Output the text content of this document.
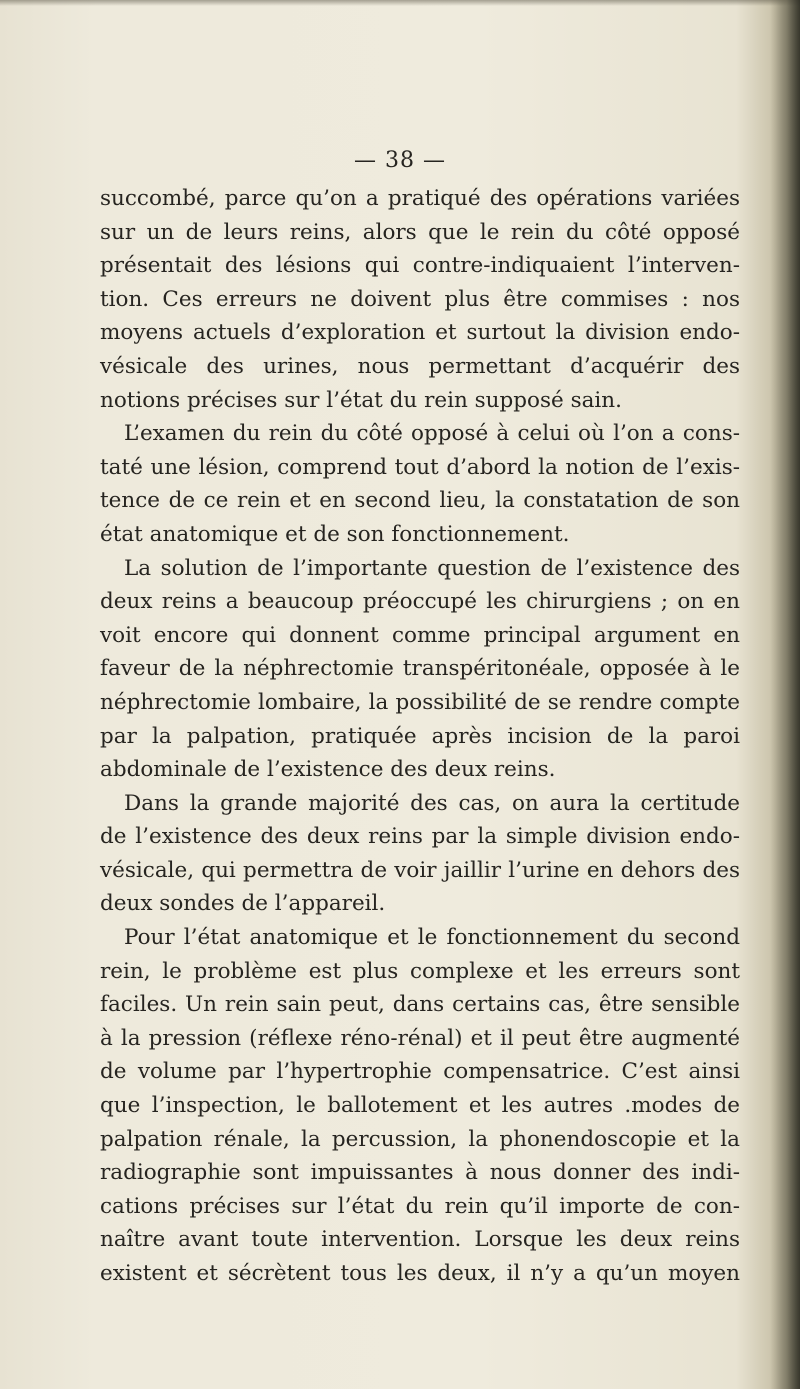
— 38 —
succombé, parce qu’on a pratiqué des opérations variées
sur un de leurs reins, alors que le rein du côté opposé
présentait des lésions qui contre-indiquaient l’interven-
tion. Ces erreurs ne doivent plus être commises : nos
moyens actuels d’exploration et surtout la division endo-
vésicale des urines, nous permettant d’acquérir des
notions précises sur l’état du rein supposé sain.
L’examen du rein du côté opposé à celui où l’on a cons-
taté une lésion, comprend tout d’abord la notion de l’exis-
tence de ce rein et en second lieu, la constatation de son
état anatomique et de son fonctionnement.
La solution de l’importante question de l’existence des
deux reins a beaucoup préoccupé les chirurgiens ; on en
voit encore qui donnent comme principal argument en
faveur de la néphrectomie transpéritonéale, opposée à le
néphrectomie lombaire, la possibilité de se rendre compte
par la palpation, pratiquée après incision de la paroi
abdominale de l’existence des deux reins.
Dans la grande majorité des cas, on aura la certitude
de l’existence des deux reins par la simple division endo-
vésicale, qui permettra de voir jaillir l’urine en dehors des
deux sondes de l’appareil.
Pour l’état anatomique et le fonctionnement du second
rein, le problème est plus complexe et les erreurs sont
faciles. Un rein sain peut, dans certains cas, être sensible
à la pression (réflexe réno-rénal) et il peut être augmenté
de volume par l’hypertrophie compensatrice. C’est ainsi
que l’inspection, le ballotement et les autres .modes de
palpation rénale, la percussion, la phonendoscopie et la
radiographie sont impuissantes à nous donner des indi-
cations précises sur l’état du rein qu’il importe de con-
naître avant toute intervention. Lorsque les deux reins
existent et sécrètent tous les deux, il n’y a qu’un moyen
